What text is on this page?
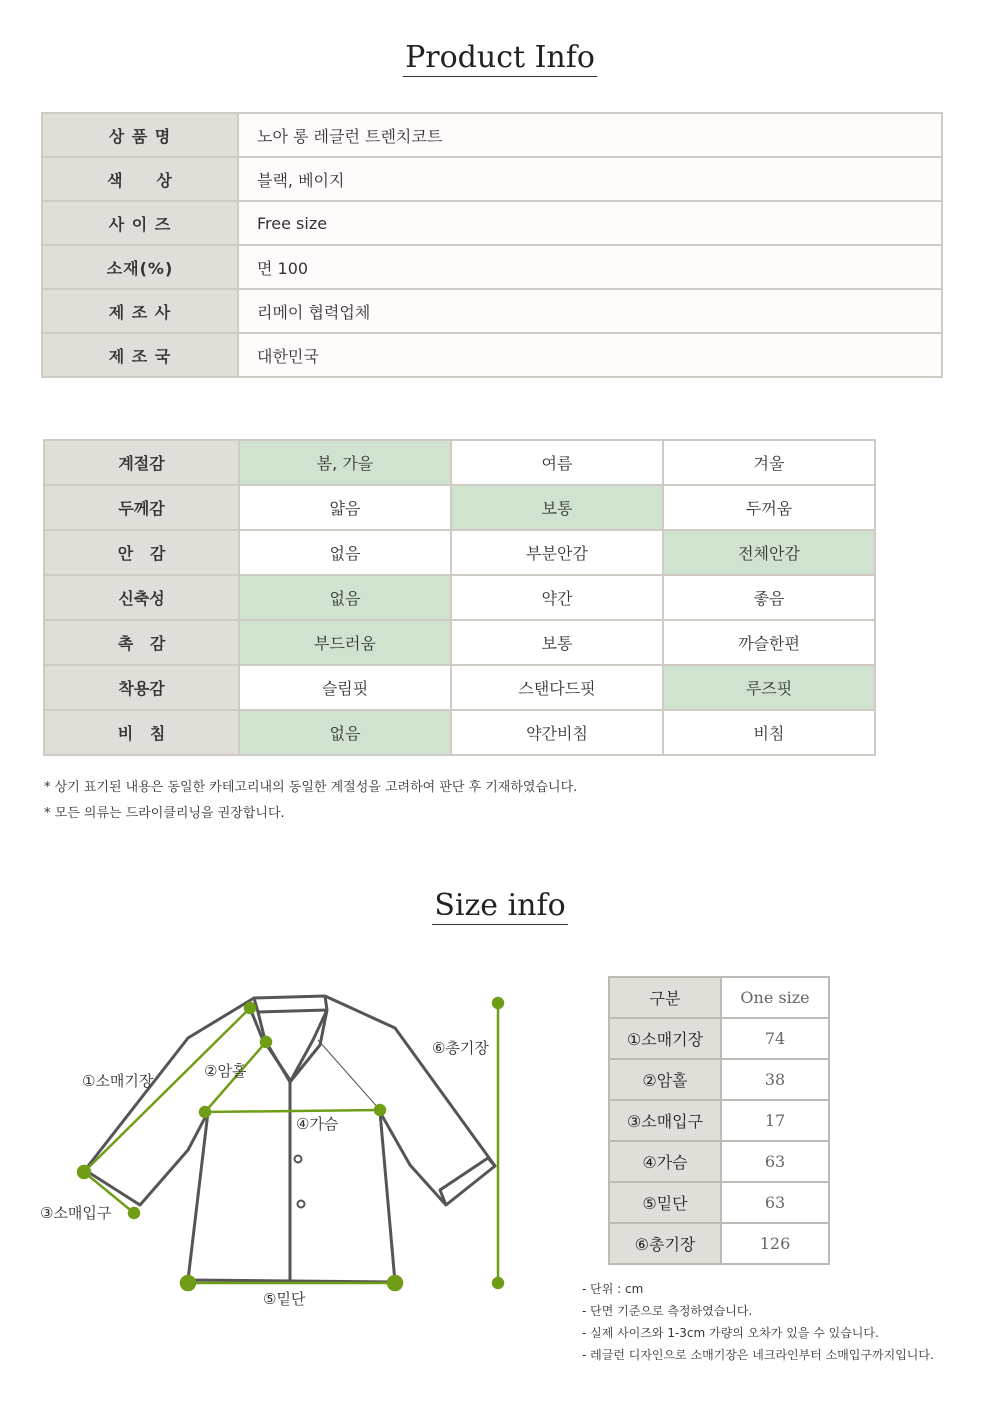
Product Info
상 품 명	노아 롱 레글런 트렌치코트
색     상	블랙, 베이지
사 이 즈	Free size
소재(%)	면 100
제 조 사	리메이 협력업체
제 조 국	대한민국
계절감	봄, 가을	여름	겨울
두께감	얇음	보통	두꺼움
안   감	없음	부분안감	전체안감
신축성	없음	약간	좋음
촉   감	부드러움	보통	까슬한편
착용감	슬림핏	스탠다드핏	루즈핏
비   침	없음	약간비침	비침
* 상기 표기된 내용은 동일한 카테고리내의 동일한 계절성을 고려하여 판단 후 기재하였습니다.
* 모든 의류는 드라이클리닝을 권장합니다.
Size info
①소매기장
②암홀
③소매입구
④가슴
⑤밑단
⑥총기장
구분	One size
①소매기장	74
②암홀	38
③소매입구	17
④가슴	63
⑤밑단	63
⑥총기장	126
- 단위 : cm
- 단면 기준으로 측정하였습니다.
- 실제 사이즈와 1-3cm 가량의 오차가 있을 수 있습니다.
- 레글런 디자인으로 소매기장은 네크라인부터 소매입구까지입니다.
